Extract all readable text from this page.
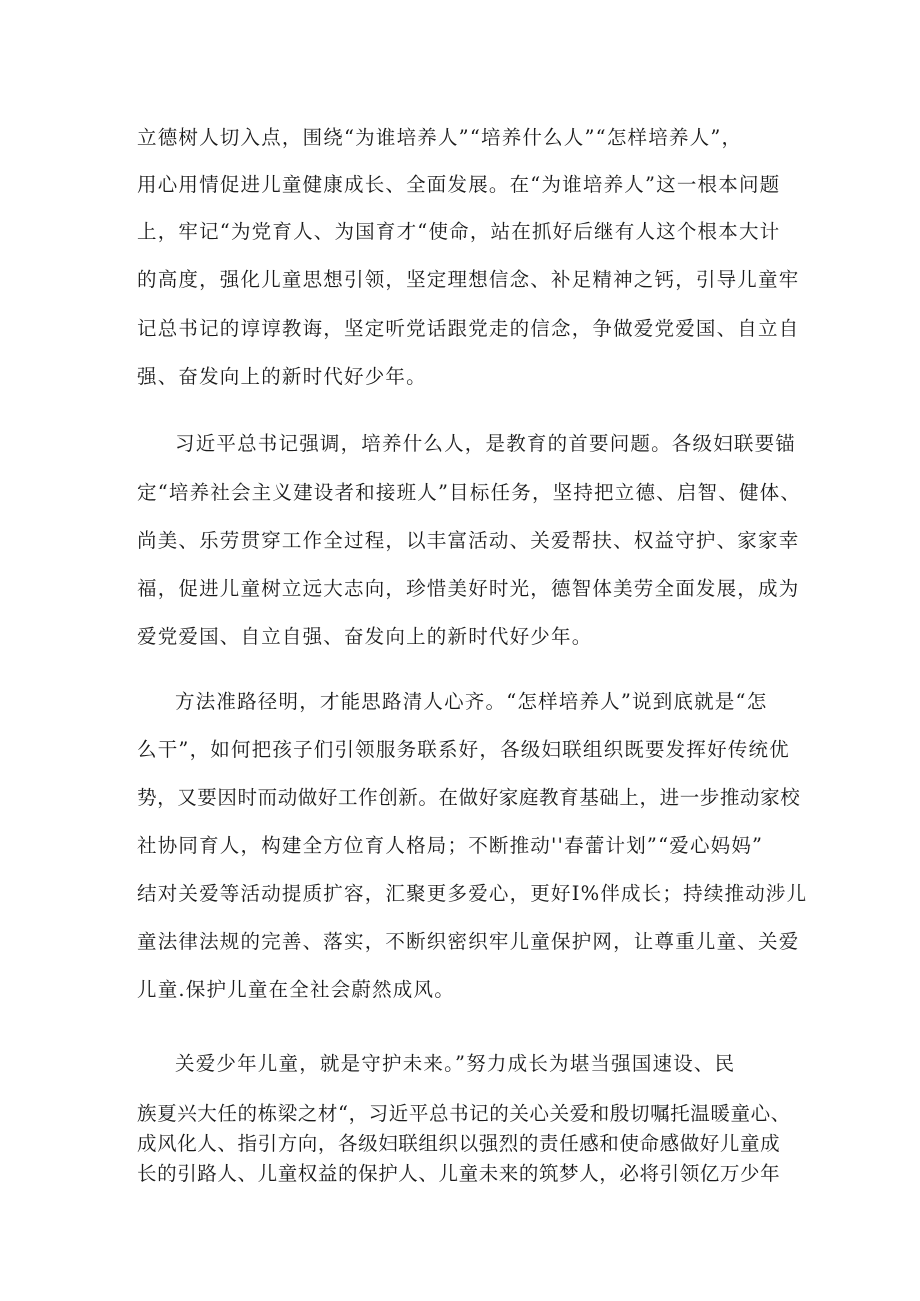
立德树人切入点，围绕“为谁培养人”“培养什么人”“怎样培养人”，
用心用情促进儿童健康成长、全面发展。在“为谁培养人”这一根本问题
上，牢记“为党育人、为国育才“使命，站在抓好后继有人这个根本大计
的高度，强化儿童思想引领，坚定理想信念、补足精神之钙，引导儿童牢
记总书记的谆谆教诲，坚定听党话跟党走的信念，争做爱党爱国、自立自
强、奋发向上的新时代好少年。
习近平总书记强调，培养什么人，是教育的首要问题。各级妇联要锚
定“培养社会主义建设者和接班人”目标任务，坚持把立德、启智、健体、
尚美、乐劳贯穿工作全过程，以丰富活动、关爱帮扶、权益守护、家家幸
福，促进儿童树立远大志向，珍惜美好时光，德智体美劳全面发展，成为
爱党爱国、自立自强、奋发向上的新时代好少年。
方法准路径明，才能思路清人心齐。“怎样培养人”说到底就是“怎
么干”，如何把孩子们引领服务联系好，各级妇联组织既要发挥好传统优
势，又要因时而动做好工作创新。在做好家庭教育基础上，进一步推动家校
社协同育人，构建全方位育人格局；不断推动''春蕾计划”“爱心妈妈”
结对关爱等活动提质扩容，汇聚更多爱心，更好I%伴成长；持续推动涉儿
童法律法规的完善、落实，不断织密织牢儿童保护网，让尊重儿童、关爱
儿童.保护儿童在全社会蔚然成风。
关爱少年儿童，就是守护未来。”努力成长为堪当强国速设、民
族夏兴大任的栋梁之材“，习近平总书记的关心关爱和殷切嘱托温暖童心、
成风化人、指引方向，各级妇联组织以强烈的责任感和使命感做好儿童成
长的引路人、儿童权益的保护人、儿童未来的筑梦人，必将引领亿万少年
